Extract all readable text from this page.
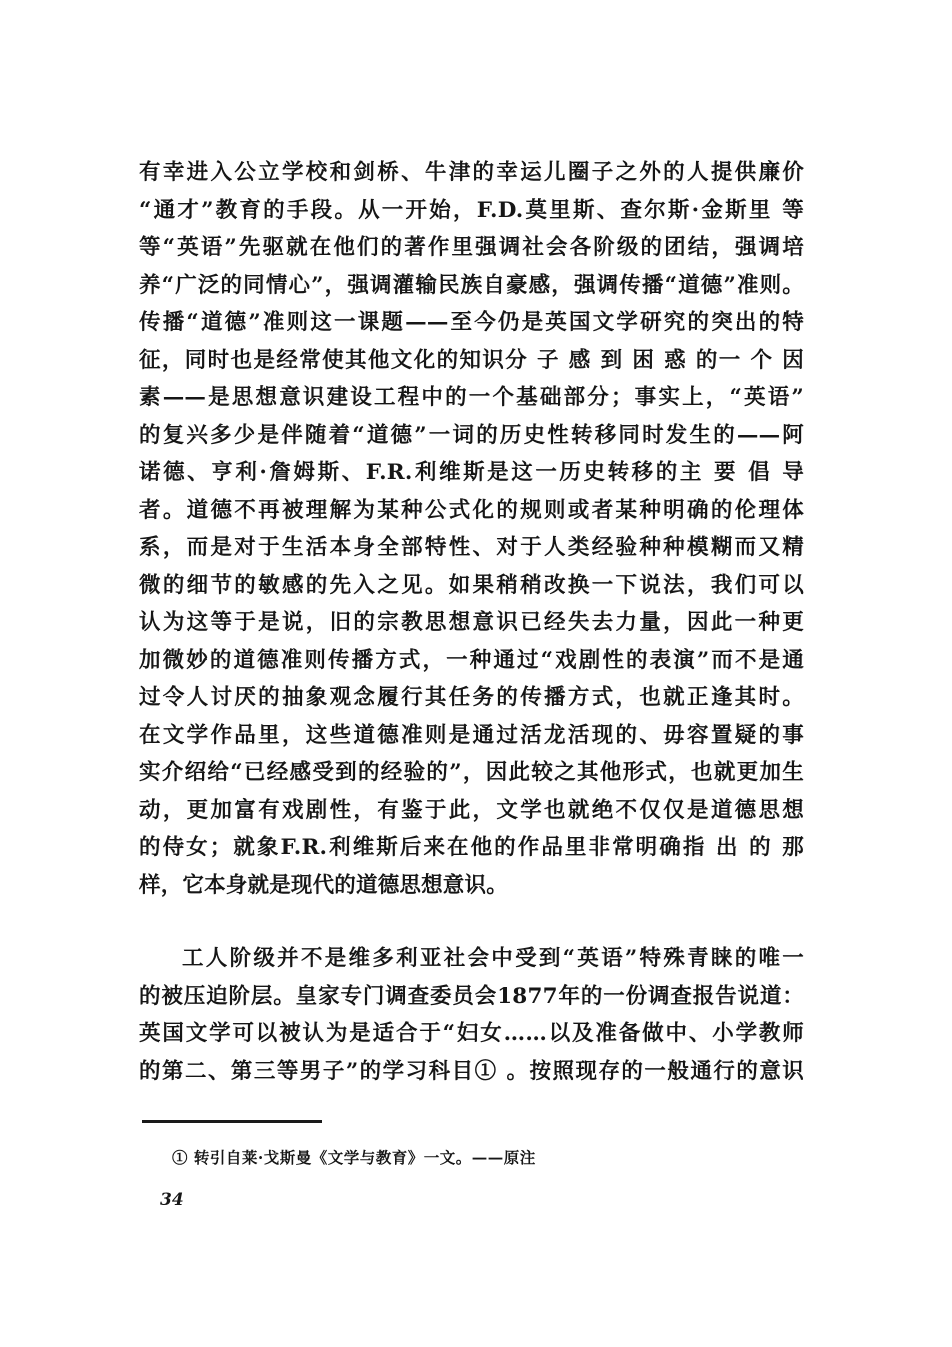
有幸进入公立学校和剑桥、牛津的幸运儿圈子之外的人提供廉价
“通才”教育的手段。从一开始，F.D.莫里斯、查尔斯·金斯里 等
等“英语”先驱就在他们的著作里强调社会各阶级的团结，强调培
养“广泛的同情心”，强调灌输民族自豪感，强调传播“道德”准则。
传播“道德”准则这一课题——至今仍是英国文学研究的突出的特
征，同时也是经常使其他文化的知识分 子 感 到 困 惑 的一 个 因
素——是思想意识建设工程中的一个基础部分；事实上，“英语”
的复兴多少是伴随着“道德”一词的历史性转移同时发生的——阿
诺德、亨利·詹姆斯、F.R.利维斯是这一历史转移的主 要 倡 导
者。道德不再被理解为某种公式化的规则或者某种明确的伦理体
系，而是对于生活本身全部特性、对于人类经验种种模糊而又精
微的细节的敏感的先入之见。如果稍稍改换一下说法，我们可以
认为这等于是说，旧的宗教思想意识已经失去力量，因此一种更
加微妙的道德准则传播方式，一种通过“戏剧性的表演”而不是通
过令人讨厌的抽象观念履行其任务的传播方式，也就正逢其时。
在文学作品里，这些道德准则是通过活龙活现的、毋容置疑的事
实介绍给“已经感受到的经验的”，因此较之其他形式，也就更加生
动，更加富有戏剧性，有鉴于此，文学也就绝不仅仅是道德思想
的侍女；就象F.R.利维斯后来在他的作品里非常明确指 出 的 那
样，它本身就是现代的道德思想意识。
工人阶级并不是维多利亚社会中受到“英语”特殊青睐的唯一
的被压迫阶层。皇家专门调查委员会1877年的一份调查报告说道：
英国文学可以被认为是适合于“妇女……以及准备做中、小学教师
的第二、第三等男子”的学习科目① 。按照现存的一般通行的意识
① 转引自莱·戈斯曼《文学与教育》一文。——原注
34
